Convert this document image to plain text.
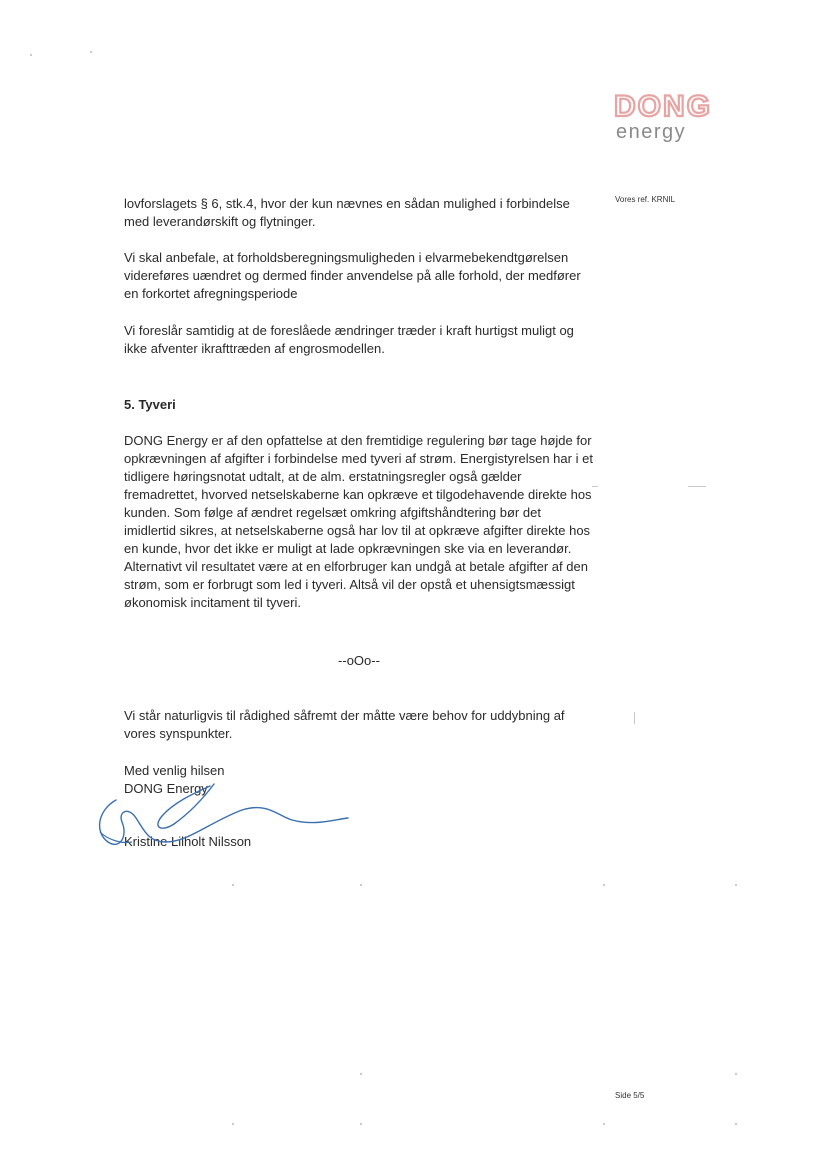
DONG
energy
Vores ref. KRNIL

lovforslagets § 6, stk.4, hvor der kun nævnes en sådan mulighed i forbindelse med leverandørskift og flytninger.

Vi skal anbefale, at forholdsberegningsmuligheden i elvarmebekendtgørelsen videreføres uændret og dermed finder anvendelse på alle forhold, der medfører en forkortet afregningsperiode

Vi foreslår samtidig at de foreslåede ændringer træder i kraft hurtigst muligt og ikke afventer ikrafttræden af engrosmodellen.

5. Tyveri

DONG Energy er af den opfattelse at den fremtidige regulering bør tage højde for opkrævningen af afgifter i forbindelse med tyveri af strøm. Energistyrelsen har i et tidligere høringsnotat udtalt, at de alm. erstatningsregler også gælder fremadrettet, hvorved netselskaberne kan opkræve et tilgodehavende direkte hos kunden. Som følge af ændret regelsæt omkring afgiftshåndtering bør det imidlertid sikres, at netselskaberne også har lov til at opkræve afgifter direkte hos en kunde, hvor det ikke er muligt at lade opkrævningen ske via en leverandør. Alternativt vil resultatet være at en elforbruger kan undgå at betale afgifter af den strøm, som er forbrugt som led i tyveri. Altså vil der opstå et uhensigtsmæssigt økonomisk incitament til tyveri.

--oOo--

Vi står naturligvis til rådighed såfremt der måtte være behov for uddybning af vores synspunkter.

Med venlig hilsen

DONG Energy

Kristine Lilholt Nilsson

Side 5/5
